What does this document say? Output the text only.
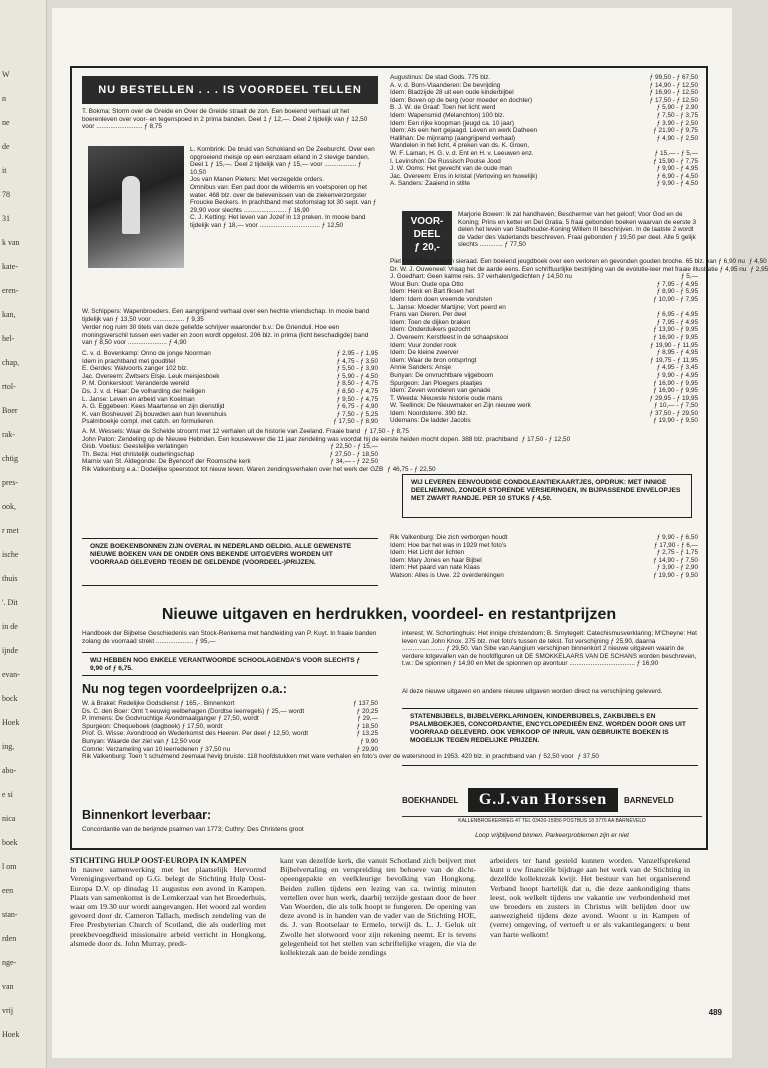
W
n
ne
de
it
78
31
k van
kate-
eren-
kan,
hel-
chap,
rtol-
Boer
rak-
chtig
pres-
ook,
r met
ische
thuis
'. Dit
in de
ijnde
evan-
bock
Hoek
ing,
abo-
e si
nica
boek
l om
een
stan-
rden
nge-
van
vrij
Hoek
NU BESTELLEN . . . IS VOORDEEL TELLEN
T. Bokma: Storm over de Greide en Over de Greide straalt de zon. Een boeiend verhaal uit het boerenleven over voor- en tegenspoed in 2 prima banden. Deel 1 ƒ 12,—. Deel 2 tijdelijk van ƒ 12,50 voor .......................... ƒ 8,75
L. Kombrink: De bruid van Schokland en De Zeeburcht. Over een opgroeiend meisje op een eenzaam eiland in 2 stevige banden. Deel 1 ƒ 15,—. Deel 2 tijdelijk van ƒ 15,— voor .................. ƒ 10,50
Jos van Manen Pieters: Met verzegelde orders.
Omnibus van: Een pad door de wildernis en voetsporen op het water. 468 blz. over de belevenissen van de ziekenverzorgster Froucke Beckers. In prachtband met stofomslag tot 30 sept. van ƒ 29,90 voor slechts ........................ ƒ 16,90
C. J. Ketting: Het leven van Jozef in 13 preken. In mooie band tijdelijk van ƒ 18,— voor .................................. ƒ 12,50
W. Schippers: Wapenbroeders. Een aangrijpend verhaal over een hechte vriendschap. In mooie band tijdelijk van ƒ 13,50 voor .................. ƒ 9,35
Verder nog ruim 30 titels van deze geliefde schrijver waaronder b.v.: De Grienduil. Hoe een moningsverschil tussen een vader en zoon wordt opgelost. 206 blz. in prima (licht beschadigde) band van ƒ 8,50 voor ...................... ƒ 4,90
C. v. d. Bovenkamp: Onno de jonge Noorman	ƒ 2,95 - ƒ 1,95
Idem in prachtband met goudtitel	ƒ 4,75 - ƒ 3,50
E. Gerdes: Walvoorts zanger 102 blz.	ƒ 5,50 - ƒ 3,90
Jac. Overeem: Zwitsers Elsje. Leuk meisjesboek	ƒ 5,90 - ƒ 4,50
P. M. Donkersloot: Veranderde wereld	ƒ 8,50 - ƒ 4,75
Ds. J. v. d. Haar: De volharding der heiligen	ƒ 8,50 - ƒ 4,75
L. Janse: Leven en arbeid van Koelman	ƒ 9,50 - ƒ 4,75
A. G. Eggebeen: Kees Maartense en zijn dienstlijd	ƒ 6,75 - ƒ 4,90
K. van Bosheuvel: Zij bouwden aan hun levenshuis	ƒ 7,50 - ƒ 5,25
Psalmboekje compl. met catch. en formulieren	ƒ 17,50 - ƒ 8,90
A. M. Wessels: Waar de Schelde stroomt met 12 verhalen uit de historie van Zeeland. Fraaie band ƒ 17,50 - ƒ 8,75
John Paton: Zendeling op de Nieuwe Hebriden. Een kousewever die 11 jaar zendeling was voordat hij de eerste heiden mocht dopen. 388 blz. prachtband ƒ 17,50 - ƒ 12,50
Gisb. Voetius: Geestelijke verlatingen	ƒ 22,50 - ƒ 15,—
Th. Beza: Het christelijk ouderlingschap	ƒ 27,50 - ƒ 18,50
Marnix van St. Aldegonde: De Byencorf der Roomsche kerk	ƒ 34,— - ƒ 22,50
Rik Valkenburg e.a.: Dodelijke speerstoot tot nieuw leven. Waren zendingsverhalen over het werk der GZB ƒ 46,75 - ƒ 22,50
ONZE BOEKENBONNEN ZIJN OVERAL IN NEDERLAND GELDIG. ALLE GEWENSTE NIEUWE BOEKEN VAN DE ONDER ONS BEKENDE UITGEVERS WORDEN UIT VOORRAAD GELEVERD TEGEN DE GELDENDE (VOORDEEL-)PRIJZEN.
Augustinus: De stad Gods. 775 blz.	ƒ 99,50 - ƒ 67,50
A. v. d. Born-Vlaanderen: De bevrijding	ƒ 14,90 - ƒ 12,50
Idem: Bladzijde 28 uit een oude kinderbijbel	ƒ 16,90 - ƒ 12,50
Idem: Boven op de berg (voor moeder en dochter)	ƒ 17,50 - ƒ 12,50
B. J. W. de Graaf: Toen het licht werd	ƒ 5,90 - ƒ 2,90
Idem: Wapensmid (Melanchton) 100 blz.	ƒ 7,50 - ƒ 3,75
Idem: Een rijke koopman (jeugd ca. 10 jaar)	ƒ 3,90 - ƒ 2,50
Idem: Als een hert gejaagd. Leven en werk Datheen	ƒ 21,90 - ƒ 9,75
Hallihan: De mijnramp (aangrijpend verhaal)	ƒ 4,90 - ƒ 2,50
Wandelen in het licht, 4 preken van ds. K. Groen,
W. F. Laman, H. G. v. d. Ent en H. v. Leeuwen enz.	ƒ 15,— - ƒ 5,—
I. Levinshon: De Russisch Poolse Jood	ƒ 15,90 - ƒ 7,75
J. W. Ooms: Het gevecht van de oude man	ƒ 9,90 - ƒ 4,95
Jac. Overeem: Eros in kristal (Verloving en huwelijk)	ƒ 6,90 - ƒ 4,50
A. Sanders: Zaaiend in stilte	ƒ 9,90 - ƒ 4,50
VOOR-
DEEL
ƒ 20,-
Marjorie Bowen: Ik zal handhaven; Beschermer van het geloof; Voor God en de Koning; Prins en ketter en Del Gratia. 5 fraai gebonden boeken waarvan de eerste 3 delen het leven van Stadhouder-Koning Willem III beschrijven. In de laatste 2 wordt de Vader des Vaderlands beschreven. Fraai gebonden ƒ 19,50 per deel. Alle 5 gelijk slechts ............. ƒ 77,50
Piet Prins: Het gouden sieraad. Een boeiend jeugdboek over een verloren en gevonden gouden broche. 65 blz. van ƒ 6,90 nu ƒ 4,50
Dr. W. J. Ouweneel: Vraag het de aarde eens. Een schriftuurlijke bestrijding van de evolutie-leer met fraaie illustratie ƒ 4,95 nu ƒ 2,95
J. Goedhart: Geen kalme reis. 37 verhalen/gedichten ƒ 14,50 nu	ƒ 5,—
Wout Bun: Oude opa Otto	ƒ 7,95 - ƒ 4,95
Idem: Henk en Bart fiksen het	ƒ 8,90 - ƒ 5,95
Idem: Idem doen vreemde vondsten	ƒ 10,90 - ƒ 7,95
L. Janse: Moeder Martijne; Vort peerd en
Frans van Dieren. Per deel	ƒ 6,95 - ƒ 4,95
Idem: Toen de dijken braken	ƒ 7,95 - ƒ 4,95
Idem: Onderduikers gezocht	ƒ 13,90 - ƒ 9,95
J. Overeem: Kerstfeest in de schaapskooi	ƒ 16,90 - ƒ 9,95
Idem: Vuur zonder rook	ƒ 19,90 - ƒ 11,95
Idem: De kleine zwerver	ƒ 8,95 - ƒ 4,95
Idem: Waar de bron ontsprIngt	ƒ 19,75 - ƒ 11,95
Annie Sanders: Ansje	ƒ 4,95 - ƒ 3,45
Bunyan: De onvruchtbare vijgeboom	ƒ 9,90 - ƒ 4,95
Spurgeon: Jan Ploegers plaatjes	ƒ 16,90 - ƒ 9,95
Idem: Zeven wonderen van genade	ƒ 16,90 - ƒ 9,95
T. Weeda: Nieuwste historie oude mans	ƒ 29,95 - ƒ 19,95
W. Teellinck: De Nieuwmaker en Zijn nieuwe werk	ƒ 10,— - ƒ 7,50
Idem: Noordsterre. 390 blz.	ƒ 37,50 - ƒ 29,50
Udemans: De ladder Jacobs	ƒ 19,90 - ƒ 9,50
WIJ LEVEREN EENVOUDIGE CONDOLEANTIEKAARTJES, OPDRUK: MET INNIGE DEELNEMING, ZONDER STORENDE VERSIERINGEN, IN BIJPASSENDE ENVELOPJES MET ZWART RANDJE. PER 10 STUKS ƒ 4,50.
Rik Valkenburg: Die zich verborgen houdt	ƒ 9,90 - ƒ 6,50
Idem: Hoe bar het was in 1929 met foto's	ƒ 17,90 - ƒ 6,—
Idem: Het Licht der lichten	ƒ 2,75 - ƒ 1,75
Idem: Mary Jones en haar Bijbel	ƒ 14,90 - ƒ 7,50
Idem: Het paard van nate Klaas	ƒ 3,90 - ƒ 2,90
Watson: Alles is Uwe. 22 overdenkingen	ƒ 19,90 - ƒ 9,50
Nieuwe uitgaven en herdrukken, voordeel- en restantprijzen
Handboek der Bijbelse Geschiedenis van Stock-Renkema met handleiding van P. Kuyt. In fraaie banden zolang de voorraad strekt ..................... ƒ 95,—
WIJ HEBBEN NOG ENKELE VERANTWOORDE SCHOOLAGENDA'S VOOR SLECHTS ƒ 9,90 of ƒ 6,75.
Nu nog tegen voordeelprijzen o.a.:
W. à Brakel: Redelijke Godsdienst ƒ 165,-. Binnenkort	ƒ 137,50
Ds. C. den Boer: Omt 't eeuwig welbehagen (Dordtse leerregels) ƒ 25,— wordt	ƒ 20,25
P. Immens: De Godvruchtige Avondmaalganger ƒ 27,50, wordt	ƒ 29,—
Spurgeon: Chequeboek (dagboek) ƒ 17,50, wordt	ƒ 18,50
Prof. G. Wisse: Avondrood en Wederkomst des Heeren. Per deel ƒ 12,50, wordt	ƒ 13,25
Bunyan: Waarde der ziel van ƒ 12,50 voor	ƒ 9,90
Comrie: Verzameling van 10 leerredenen ƒ 37,50 nu	ƒ 29,90
Rik Valkenburg: Toen 't schulmend zeemaal hevig bruiste. 118 hoofdstukken met ware verhalen en foto's over de watersnood in 1953. 420 blz. in prachtband van ƒ 52,50 voor ƒ 37,50
Binnenkort leverbaar:
Concordantie van de berijmde psalmen van 1773; Cuthry: Des Christens groot
interest; W. Schortinghuis: Het innige christendom; B. Smytegelt: Catechismusverklaring; M'Cheyne: Het leven van John Knox. 275 blz. met foto's tussen de tekst. Tot verschijning ƒ 25,90, daarna ........................ ƒ 29,50. Van Sibe van Aangium verschijnen binnenkort 2 nieuwe uitgaven waarin de verdere lotgevallen van de hoofdfiguren uit DE SMOKKELAARS VAN DE SCHANS worden beschreven, t.w.: De spionnen ƒ 14,90 en Met de spionnen op avontuur ..................................... ƒ 16,90
Al deze nieuwe uitgaven en andere nieuwe uitgaven worden direct na verschijning geleverd.
STATENBIJBELS, BIJBELVERKLARINGEN, KINDERBIJBELS, ZAKBIJBELS EN PSALMBOEKJES, CONCORDANTIE, ENCYCLOPEDIEËN ENZ. WORDEN DOOR ONS UIT VOORRAAD GELEVERD. OOK VERKOOP OF INRUIL VAN GEBRUIKTE BOEKEN IS MOGELIJK TEGEN REDELIJKE PRIJZEN.
BOEKHANDEL	G.J.van Horssen	BARNEVELD
KALLENBROEKERWEG 47 TEL 03420-15956 POSTBUS 18 3770 AA BARNEVELD
Loop vrijblijvend binnen. Parkeerproblemen zijn er niet
STICHTING HULP OOST-EUROPA IN KAMPEN
In nauwe samenwerking met het plaatselijk Hervormd Verenigingsverband op G.G. belegt de Stichting Hulp Oost-Europa D.V. op dinsdag 11 augustus een avond in Kampen. Plaats van samenkomst is de Lemkerzaal van het Broederhuis, waar om 19.30 uur wordt aangevangen. Het woord zal worden gevoerd door dr. Cameron Tallach, medisch zendeling van de Free Presbyterian Church of Scotland, die als ouderling met preekbevoegdheid missionaire arbeid verricht in Hongkong, alsmede door ds. John Murray, predi-
kant van dezelfde kerk, die vanuit Schotland zich beijvert met Bijbelvertaling en verspreiding ten behoeve van de dicht-opeengepakte en veelkleurige bevolking van Hongkong. Beiden zullen tijdens een lezing van ca. twintig minuten vertellen over hun werk, daarbij terzijde gestaan door de heer Van Woerden, die als tolk hoopt te fungeren. De opening van deze avond is in handen van de vader van de Stichting HOE, ds. J. van Rootselaar te Ermelo, terwijl ds. L. J. Geluk uit Zwolle het slotwoord voor zijn rekening neemt. Er is tevens gelegenheid tot het stellen van schriftelijke vragen, die via de kollektezak aan de beide zendings
arbeiders ter hand gesteld kunnen worden. Vanzelfsprekend kunt u uw financiële bijdrage aan het werk van de Stichting in dezelfde kollektezak kwijt. Het bestuur van het organiserend Verband hoopt hartelijk dat u, die deze aankondiging thans leest, ook welkelt tijdens uw vakantie uw verbondenheid met uw broeders en zusters in Christus wilt belijden door uw aanwezigheid tijdens deze avond. Woont u in Kampen of (verre) omgeving, of vertoeft u er als vakantiegangers: u bent van harte welkom!
489
